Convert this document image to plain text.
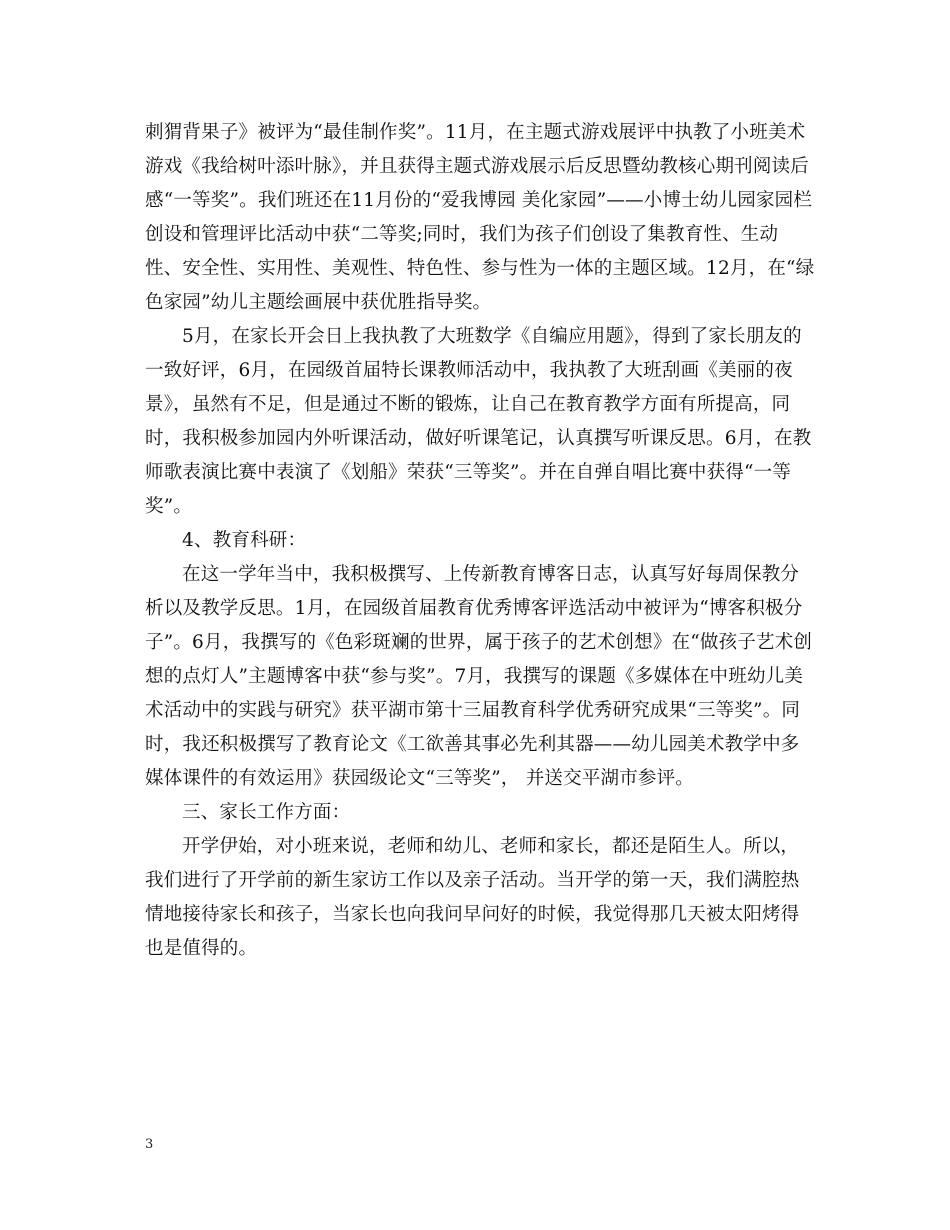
刺猬背果子》被评为“最佳制作奖”。11月，在主题式游戏展评中执教了小班美术游戏《我给树叶添叶脉》，并且获得主题式游戏展示后反思暨幼教核心期刊阅读后感“一等奖”。我们班还在11月份的“爱我博园 美化家园”——小博士幼儿园家园栏创设和管理评比活动中获“二等奖;同时，我们为孩子们创设了集教育性、生动性、安全性、实用性、美观性、特色性、参与性为一体的主题区域。12月，在“绿色家园”幼儿主题绘画展中获优胜指导奖。

5月，在家长开会日上我执教了大班数学《自编应用题》，得到了家长朋友的一致好评，6月，在园级首届特长课教师活动中，我执教了大班刮画《美丽的夜景》，虽然有不足，但是通过不断的锻炼，让自己在教育教学方面有所提高，同时，我积极参加园内外听课活动，做好听课笔记，认真撰写听课反思。6月，在教师歌表演比赛中表演了《划船》荣获“三等奖”。并在自弹自唱比赛中获得“一等奖”。

4、教育科研：

在这一学年当中，我积极撰写、上传新教育博客日志，认真写好每周保教分析以及教学反思。1月，在园级首届教育优秀博客评选活动中被评为“博客积极分子”。6月，我撰写的《色彩斑斓的世界，属于孩子的艺术创想》在“做孩子艺术创想的点灯人”主题博客中获“参与奖”。7月，我撰写的课题《多媒体在中班幼儿美术活动中的实践与研究》获平湖市第十三届教育科学优秀研究成果“三等奖”。同时，我还积极撰写了教育论文《工欲善其事必先利其器——幼儿园美术教学中多媒体课件的有效运用》获园级论文“三等奖”， 并送交平湖市参评。

三、家长工作方面：

开学伊始，对小班来说，老师和幼儿、老师和家长，都还是陌生人。所以，我们进行了开学前的新生家访工作以及亲子活动。当开学的第一天，我们满腔热情地接待家长和孩子，当家长也向我问早问好的时候，我觉得那几天被太阳烤得也是值得的。

3
